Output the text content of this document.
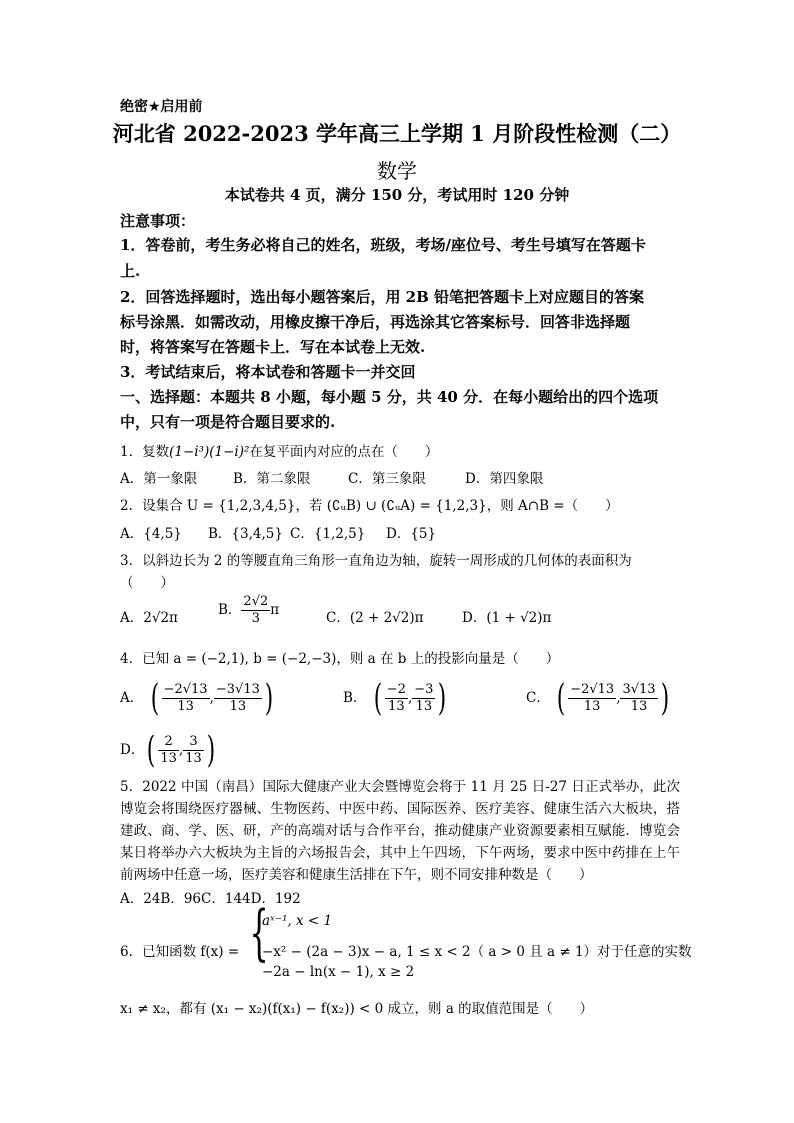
绝密★启用前
河北省 2022-2023 学年高三上学期 1 月阶段性检测（二）
数学
本试卷共 4 页，满分 150 分，考试用时 120 分钟
注意事项：
1．答卷前，考生务必将自己的姓名，班级，考场/座位号、考生号填写在答题卡
上.
2．回答选择题时，选出每小题答案后，用 2B 铅笔把答题卡上对应题目的答案
标号涂黑．如需改动，用橡皮擦干净后，再选涂其它答案标号．回答非选择题
时，将答案写在答题卡上．写在本试卷上无效.
3．考试结束后，将本试卷和答题卡一并交回
一、选择题：本题共 8 小题，每小题 5 分，共 40 分．在每小题给出的四个选项
中，只有一项是符合题目要求的.
1．复数(1−i³)(1−i)²在复平面内对应的点在（　　）
A．第一象限	B．第二象限	C．第三象限	D．第四象限
2．设集合 U = {1,2,3,4,5}，若 (∁ᵤB) ∪ (∁ᵤA) = {1,2,3}，则 A∩B =（　　）
A．{4,5} B．{3,4,5} C．{1,2,5} D．{5}
3．以斜边长为 2 的等腰直角三角形一直角边为轴，旋转一周形成的几何体的表面积为
（　　）
A．2√2π	B． $\frac{2√2}{3}$ π	C．(2 + 2√2)π	D．(1 + √2)π
4．已知 a = (−2,1), b = (−2,−3)，则 a 在 b 上的投影向量是（　　）
A． ( $\frac{-2√13}{13}$ , $\frac{-3√13}{13}$ )	B． ( $\frac{-2}{13}$ , $\frac{-3}{13}$ )	C． ( $\frac{-2√13}{13}$ , $\frac{3√13}{13}$ )
D．( $\frac{2}{13}$ , $\frac{3}{13}$ )
5．2022 中国（南昌）国际大健康产业大会暨博览会将于 11 月 25 日-27 日正式举办，此次博览会将围绕医疗器械、生物医药、中医中药、国际医养、医疗美容、健康生活六大板块，搭建政、商、学、医、研，产的高端对话与合作平台，推动健康产业资源要素相互赋能．博览会某日将举办六大板块为主旨的六场报告会，其中上午四场，下午两场，要求中医中药排在上午前两场中任意一场，医疗美容和健康生活排在下午，则不同安排种数是（　　）
A．24B．96C．144D．192
6．已知函数 f(x) = {
aˣ⁻¹, x < 1
−x² − (2a − 3)x − a, 1 ≤ x < 2（ a > 0 且 a ≠ 1）对于任意的实数
−2a − ln(x − 1), x ≥ 2
x₁ ≠ x₂，都有 (x₁ − x₂)(f(x₁) − f(x₂)) < 0 成立，则 a 的取值范围是（　　）
